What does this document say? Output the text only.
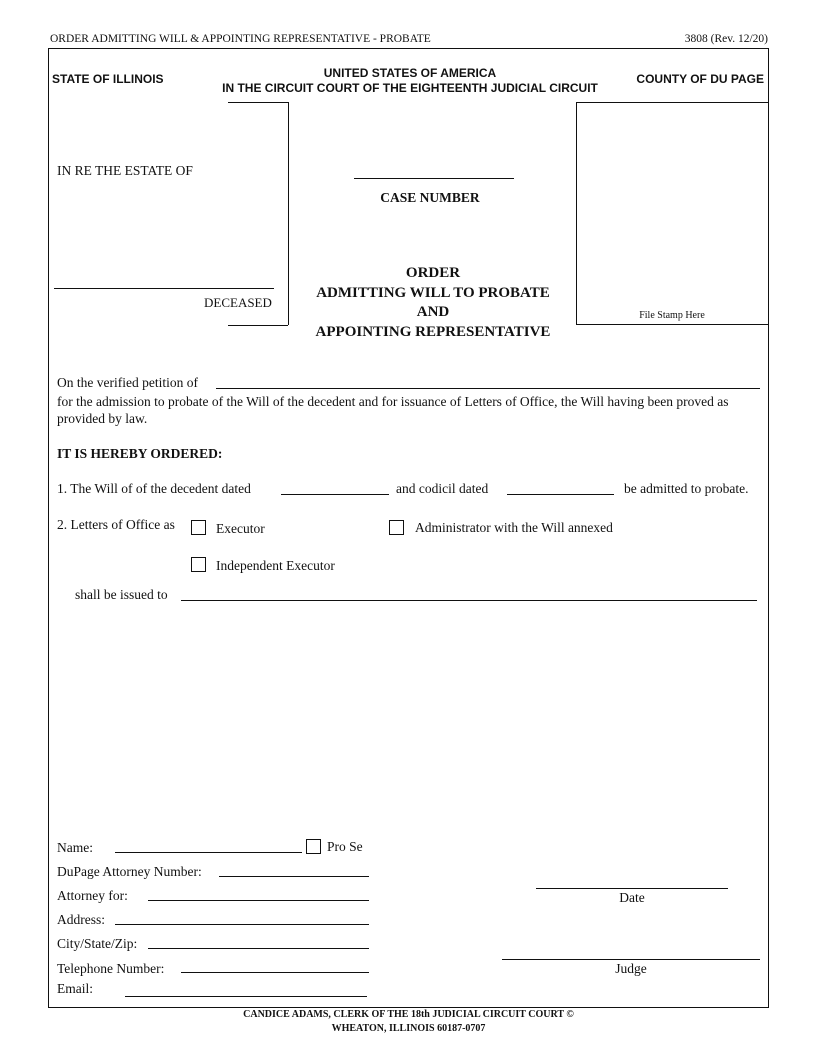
ORDER ADMITTING WILL & APPOINTING REPRESENTATIVE - PROBATE	3808 (Rev. 12/20)
STATE OF ILLINOIS	UNITED STATES OF AMERICA
IN THE CIRCUIT COURT OF THE EIGHTEENTH JUDICIAL CIRCUIT
COUNTY OF DU PAGE
IN RE THE ESTATE OF
DECEASED
CASE NUMBER
File Stamp Here
ORDER
ADMITTING WILL TO PROBATE
AND
APPOINTING REPRESENTATIVE
On the verified petition of
for the admission to probate of the Will of the decedent and for issuance of Letters of Office, the Will having been proved as provided by law.
IT IS HEREBY ORDERED:
1. The Will of of the decedent dated	and codicil dated	be admitted to probate.
2. Letters of Office as	Executor	Administrator with the Will annexed
Independent Executor
shall be issued to
Name:	Pro Se
DuPage Attorney Number:
Attorney for:
Address:
City/State/Zip:
Telephone Number:
Email:
Date
Judge
CANDICE ADAMS, CLERK OF THE 18th JUDICIAL CIRCUIT COURT ©
WHEATON, ILLINOIS 60187-0707
